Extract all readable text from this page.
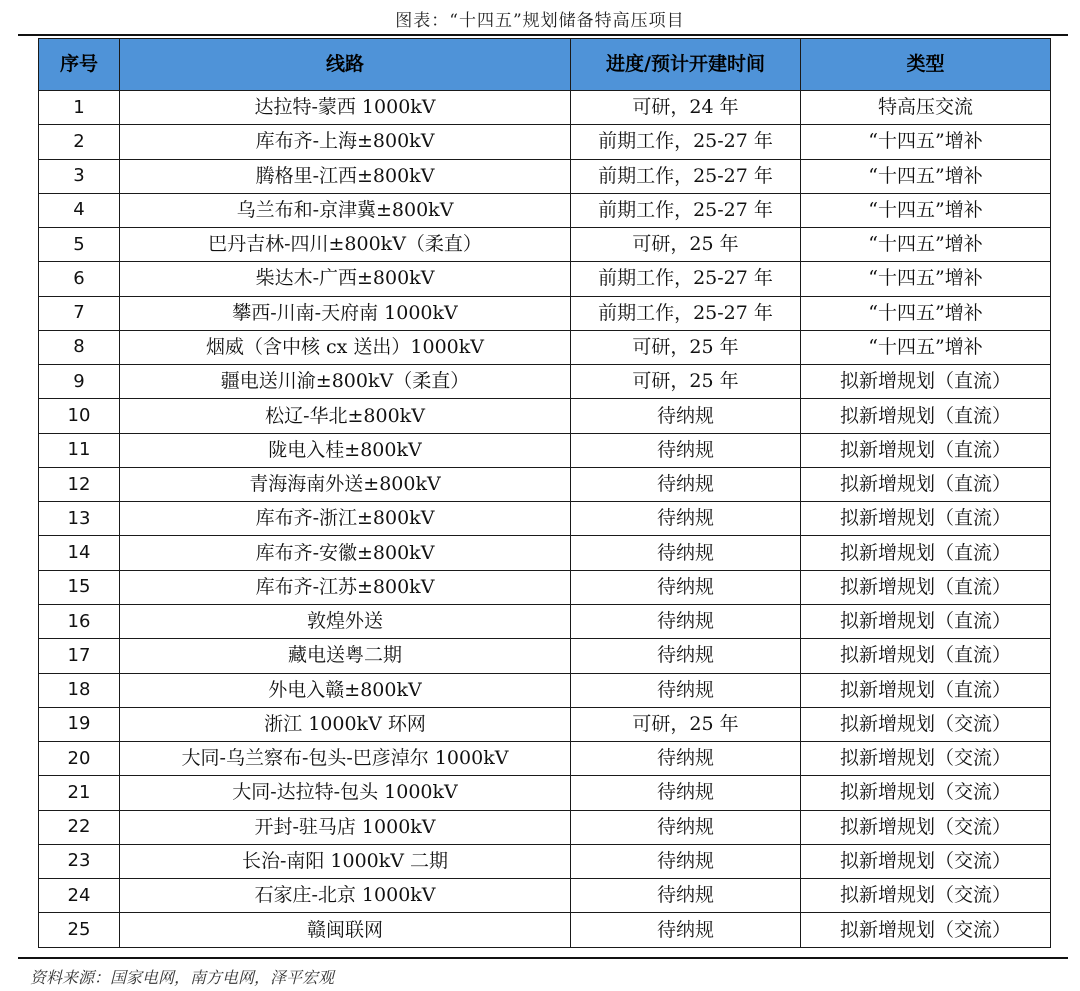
图表：“十四五”规划储备特高压项目
序号	线路	进度/预计开建时间	类型
1	达拉特-蒙西 1000kV	可研，24 年	特高压交流
2	库布齐-上海±800kV	前期工作，25-27 年	“十四五”增补
3	腾格里-江西±800kV	前期工作，25-27 年	“十四五”增补
4	乌兰布和-京津冀±800kV	前期工作，25-27 年	“十四五”增补
5	巴丹吉林-四川±800kV（柔直）	可研，25 年	“十四五”增补
6	柴达木-广西±800kV	前期工作，25-27 年	“十四五”增补
7	攀西-川南-天府南 1000kV	前期工作，25-27 年	“十四五”增补
8	烟威（含中核 cx 送出）1000kV	可研，25 年	“十四五”增补
9	疆电送川渝±800kV（柔直）	可研，25 年	拟新增规划（直流）
10	松辽-华北±800kV	待纳规	拟新增规划（直流）
11	陇电入桂±800kV	待纳规	拟新增规划（直流）
12	青海海南外送±800kV	待纳规	拟新增规划（直流）
13	库布齐-浙江±800kV	待纳规	拟新增规划（直流）
14	库布齐-安徽±800kV	待纳规	拟新增规划（直流）
15	库布齐-江苏±800kV	待纳规	拟新增规划（直流）
16	敦煌外送	待纳规	拟新增规划（直流）
17	藏电送粤二期	待纳规	拟新增规划（直流）
18	外电入赣±800kV	待纳规	拟新增规划（直流）
19	浙江 1000kV 环网	可研，25 年	拟新增规划（交流）
20	大同-乌兰察布-包头-巴彦淖尔 1000kV	待纳规	拟新增规划（交流）
21	大同-达拉特-包头 1000kV	待纳规	拟新增规划（交流）
22	开封-驻马店 1000kV	待纳规	拟新增规划（交流）
23	长治-南阳 1000kV 二期	待纳规	拟新增规划（交流）
24	石家庄-北京 1000kV	待纳规	拟新增规划（交流）
25	赣闽联网	待纳规	拟新增规划（交流）
资料来源：国家电网，南方电网，泽平宏观
